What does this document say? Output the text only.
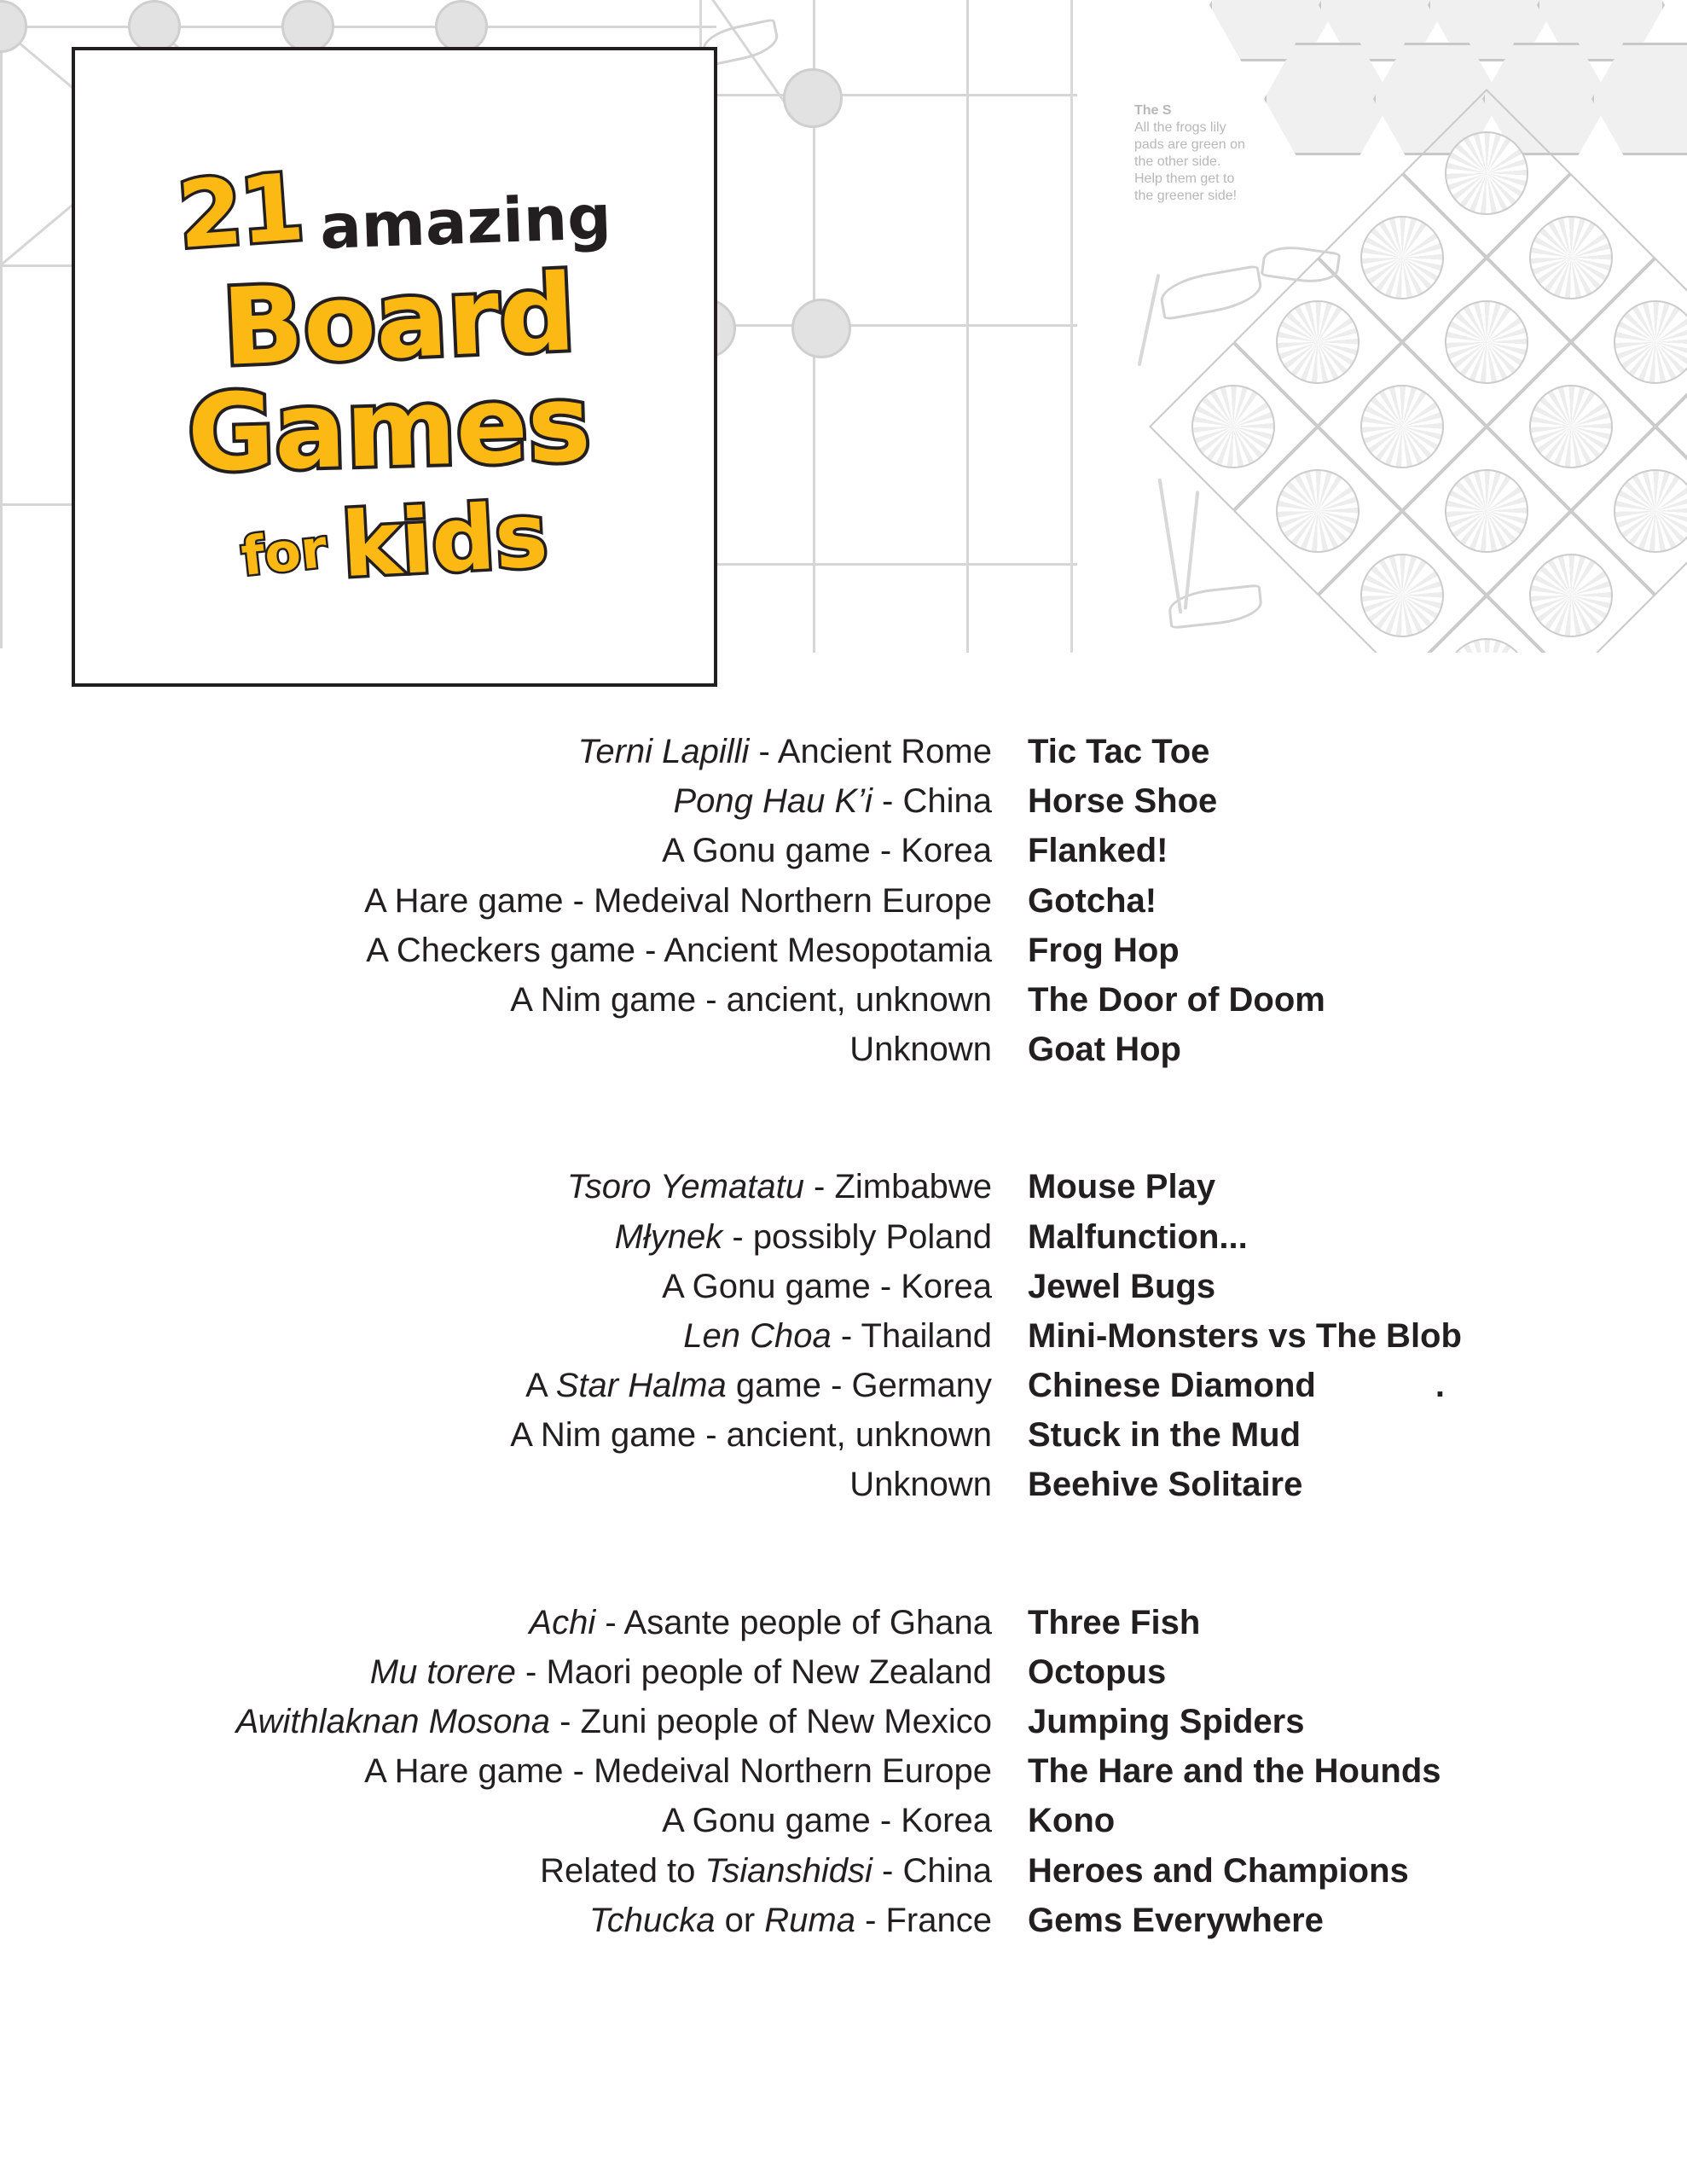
The S
All the frogs lily pads are green on the other side. Help them get to the greener side!
21 amazing
Board
Games
for kids
Terni Lapilli - Ancient Rome	Tic Tac Toe
Pong Hau K’i - China	Horse Shoe
A Gonu game - Korea	Flanked!
A Hare game - Medeival Northern Europe	Gotcha!
A Checkers game - Ancient Mesopotamia	Frog Hop
A Nim game - ancient, unknown	The Door of Doom
Unknown	Goat Hop
Tsoro Yematatu - Zimbabwe	Mouse Play
Młynek - possibly Poland	Malfunction...
A Gonu game - Korea	Jewel Bugs
Len Choa - Thailand	Mini-Monsters vs The Blob
A Star Halma game - Germany	Chinese Diamond	.
A Nim game - ancient, unknown	Stuck in the Mud
Unknown	Beehive Solitaire
Achi - Asante people of Ghana	Three Fish
Mu torere - Maori people of New Zealand	Octopus
Awithlaknan Mosona - Zuni people of New Mexico	Jumping Spiders
A Hare game - Medeival Northern Europe	The Hare and the Hounds
A Gonu game - Korea	Kono
Related to Tsianshidsi - China	Heroes and Champions
Tchucka or Ruma - France	Gems Everywhere
